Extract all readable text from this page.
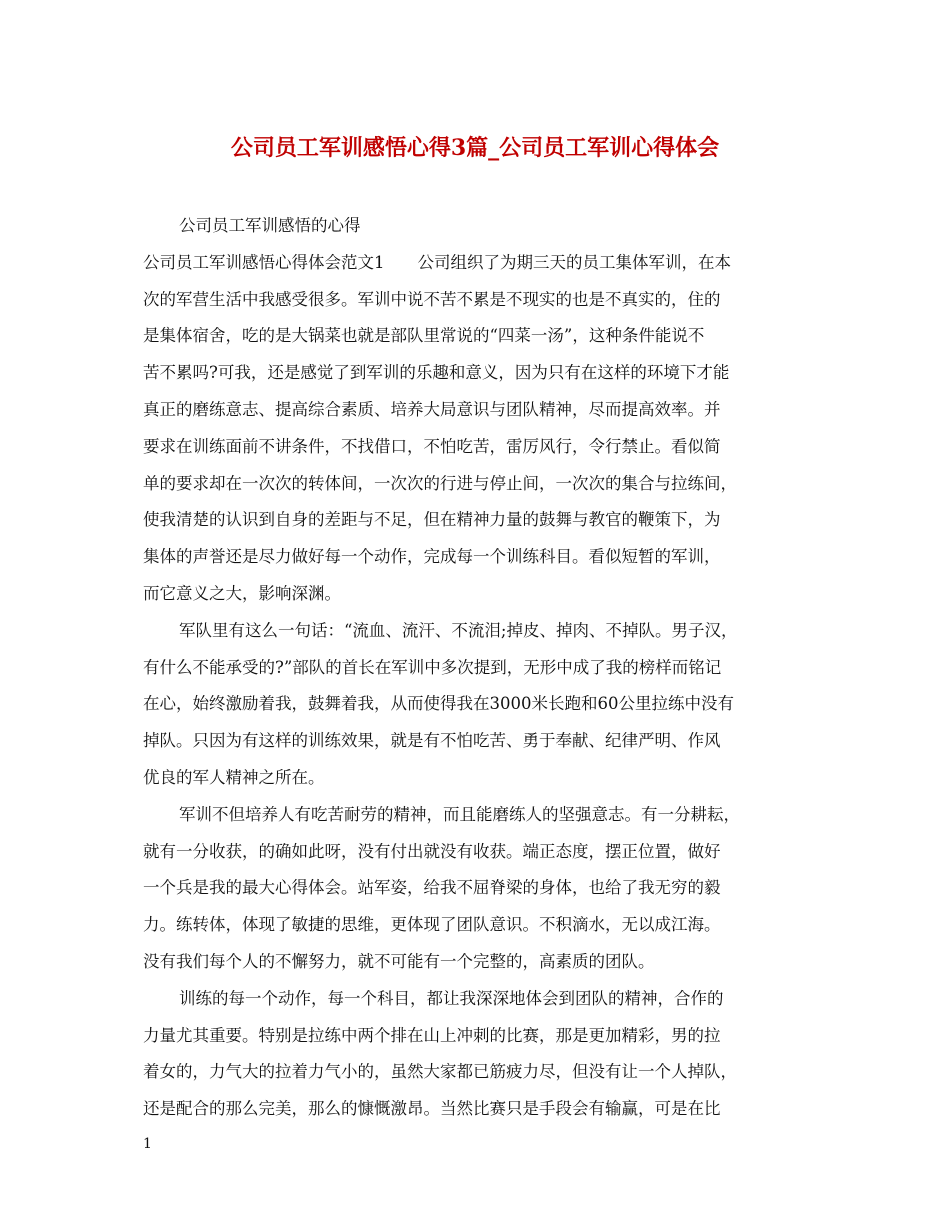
公司员工军训感悟心得3篇_公司员工军训心得体会
公司员工军训感悟的心得
公司员工军训感悟心得体会范文1　　公司组织了为期三天的员工集体军训，在本
次的军营生活中我感受很多。军训中说不苦不累是不现实的也是不真实的，住的
是集体宿舍，吃的是大锅菜也就是部队里常说的“四菜一汤”，这种条件能说不
苦不累吗?可我，还是感觉了到军训的乐趣和意义，因为只有在这样的环境下才能
真正的磨练意志、提高综合素质、培养大局意识与团队精神，尽而提高效率。并
要求在训练面前不讲条件，不找借口，不怕吃苦，雷厉风行，令行禁止。看似简
单的要求却在一次次的转体间，一次次的行进与停止间，一次次的集合与拉练间，
使我清楚的认识到自身的差距与不足，但在精神力量的鼓舞与教官的鞭策下，为
集体的声誉还是尽力做好每一个动作，完成每一个训练科目。看似短暂的军训，
而它意义之大，影响深渊。
军队里有这么一句话：“流血、流汗、不流泪;掉皮、掉肉、不掉队。男子汉，
有什么不能承受的?”部队的首长在军训中多次提到，无形中成了我的榜样而铭记
在心，始终激励着我，鼓舞着我，从而使得我在3000米长跑和60公里拉练中没有
掉队。只因为有这样的训练效果，就是有不怕吃苦、勇于奉献、纪律严明、作风
优良的军人精神之所在。
军训不但培养人有吃苦耐劳的精神，而且能磨练人的坚强意志。有一分耕耘，
就有一分收获，的确如此呀，没有付出就没有收获。端正态度，摆正位置，做好
一个兵是我的最大心得体会。站军姿，给我不屈脊梁的身体，也给了我无穷的毅
力。练转体，体现了敏捷的思维，更体现了团队意识。不积滴水，无以成江海。
没有我们每个人的不懈努力，就不可能有一个完整的，高素质的团队。
训练的每一个动作，每一个科目，都让我深深地体会到团队的精神，合作的
力量尤其重要。特别是拉练中两个排在山上冲刺的比赛，那是更加精彩，男的拉
着女的，力气大的拉着力气小的，虽然大家都已筋疲力尽，但没有让一个人掉队，
还是配合的那么完美，那么的慷慨激昂。当然比赛只是手段会有输赢，可是在比
1
